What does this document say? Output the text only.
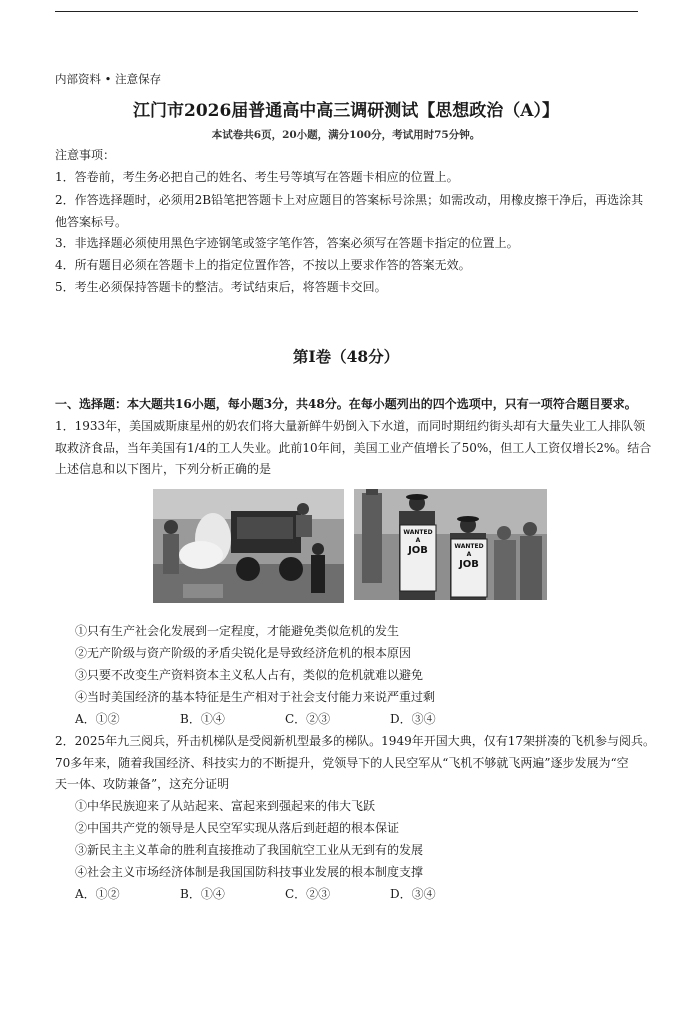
内部资料 • 注意保存
江门市2026届普通高中高三调研测试【思想政治（A）】
本试卷共6页，20小题，满分100分，考试用时75分钟。
注意事项：
1．答卷前，考生务必把自己的姓名、考生号等填写在答题卡相应的位置上。
2．作答选择题时，必须用2B铅笔把答题卡上对应题目的答案标号涂黑；如需改动，用橡皮擦干净后，再选涂其
他答案标号。
3．非选择题必须使用黑色字迹钢笔或签字笔作答，答案必须写在答题卡指定的位置上。
4．所有题目必须在答题卡上的指定位置作答，不按以上要求作答的答案无效。
5．考生必须保持答题卡的整洁。考试结束后，将答题卡交回。
第Ⅰ卷（48分）
一、选择题：本大题共16小题，每小题3分，共48分。在每小题列出的四个选项中，只有一项符合题目要求。
1．1933年，美国威斯康星州的奶农们将大量新鲜牛奶倒入下水道，而同时期纽约街头却有大量失业工人排队领
取救济食品，当年美国有1/4的工人失业。此前10年间，美国工业产值增长了50%，但工人工资仅增长2%。结合
上述信息和以下图片，下列分析正确的是
WANTED
A
JOB	WANTED
A
JOB
①只有生产社会化发展到一定程度，才能避免类似危机的发生
②无产阶级与资产阶级的矛盾尖锐化是导致经济危机的根本原因
③只要不改变生产资料资本主义私人占有，类似的危机就难以避免
④当时美国经济的基本特征是生产相对于社会支付能力来说严重过剩
A．①②	B．①④	C．②③	D．③④
2．2025年九三阅兵，歼击机梯队是受阅新机型最多的梯队。1949年开国大典，仅有17架拼凑的飞机参与阅兵。
70多年来，随着我国经济、科技实力的不断提升，党领导下的人民空军从“飞机不够就飞两遍”逐步发展为“空
天一体、攻防兼备”，这充分证明
①中华民族迎来了从站起来、富起来到强起来的伟大飞跃
②中国共产党的领导是人民空军实现从落后到赶超的根本保证
③新民主主义革命的胜利直接推动了我国航空工业从无到有的发展
④社会主义市场经济体制是我国国防科技事业发展的根本制度支撑
A．①②	B．①④	C．②③	D．③④
